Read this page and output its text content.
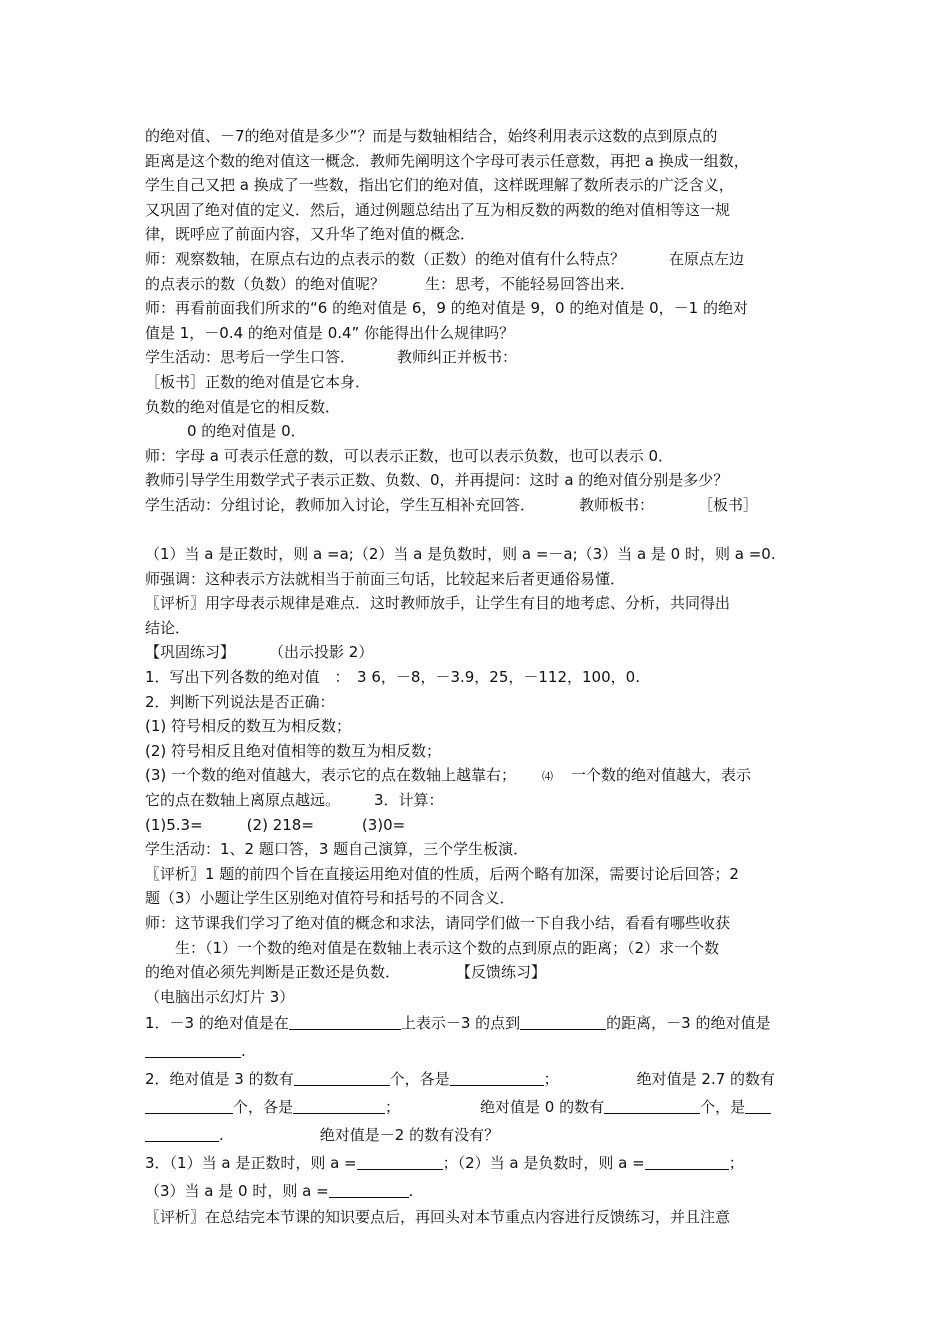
的绝对值、－7的绝对值是多少”？而是与数轴相结合，始终利用表示这数的点到原点的
距离是这个数的绝对值这一概念．教师先阐明这个字母可表示任意数，再把 a 换成一组数，
学生自己又把 a 换成了一些数，指出它们的绝对值，这样既理解了数所表示的广泛含义，
又巩固了绝对值的定义．然后，通过例题总结出了互为相反数的两数的绝对值相等这一规
律，既呼应了前面内容，又升华了绝对值的概念．
师：观察数轴，在原点右边的点表示的数（正数）的绝对值有什么特点？	在原点左边
的点表示的数（负数）的绝对值呢？	生：思考，不能轻易回答出来．
师：再看前面我们所求的“6 的绝对值是 6，9 的绝对值是 9，0 的绝对值是 0，－1 的绝对
值是 1，－0.4 的绝对值是 0.4” 你能得出什么规律吗？
学生活动：思考后一学生口答．	教师纠正并板书：
［板书］正数的绝对值是它本身．
负数的绝对值是它的相反数．
0 的绝对值是 0．
师：字母 a 可表示任意的数，可以表示正数，也可以表示负数，也可以表示 0．
教师引导学生用数学式子表示正数、负数、0，并再提问：这时 a 的绝对值分别是多少？
学生活动：分组讨论，教师加入讨论，学生互相补充回答．	教师板书：	［板书］
（1）当 a 是正数时，则 a =a;（2）当 a 是负数时，则 a =－a;（3）当 a 是 0 时，则 a =0.
师强调：这种表示方法就相当于前面三句话，比较起来后者更通俗易懂．
〖评析〗用字母表示规律是难点．这时教师放手，让学生有目的地考虑、分析，共同得出
结论．
【巩固练习】 （出示投影 2）
1．写出下列各数的绝对值　：　3 6，－8，－3.9，25，－112，100，0.
2．判断下列说法是否正确：
(1) 符号相反的数互为相反数；
(2) 符号相反且绝对值相等的数互为相反数；
(3) 一个数的绝对值越大，表示它的点在数轴上越靠右； ⑷ 一个数的绝对值越大，表示
它的点在数轴上离原点越远。 3．计算：
(1)5.3=	(2) 218=	(3)0=
学生活动：1、2 题口答，3 题自己演算，三个学生板演．
〖评析〗1 题的前四个旨在直接运用绝对值的性质，后两个略有加深，需要讨论后回答；2
题（3）小题让学生区别绝对值符号和括号的不同含义．
师：这节课我们学习了绝对值的概念和求法，请同学们做一下自我小结，看看有哪些收获
生：（1）一个数的绝对值是在数轴上表示这个数的点到原点的距离；（2）求一个数
的绝对值必须先判断是正数还是负数．	【反馈练习】
（电脑出示幻灯片 3）
1．－3 的绝对值是在	上表示－3 的点到	的距离，－3 的绝对值是
.
2．绝对值是 3 的数有	个，各是	；	绝对值是 2.7 的数有
个，各是	；	绝对值是 0 的数有	个，是
.	绝对值是－2 的数有没有？
3．（1）当 a 是正数时，则 a =	；（2）当 a 是负数时，则 a =	；
（3）当 a 是 0 时，则 a =	.
〖评析〗在总结完本节课的知识要点后，再回头对本节重点内容进行反馈练习，并且注意
